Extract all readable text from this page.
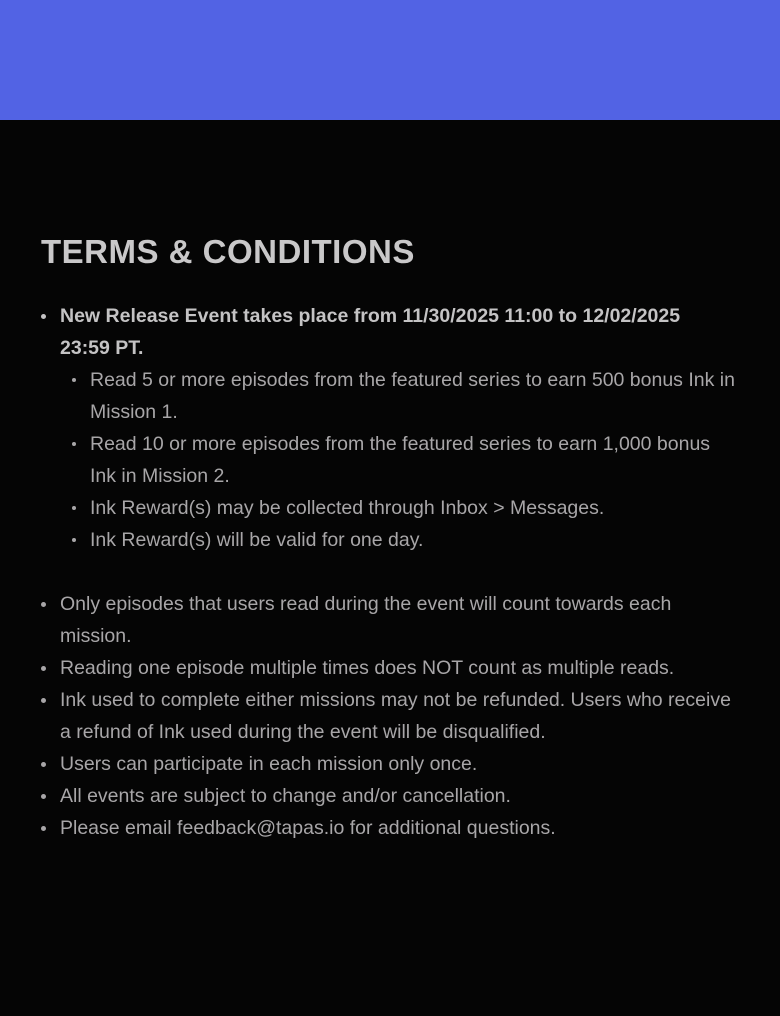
TERMS & CONDITIONS
New Release Event takes place from 11/30/2025 11:00 to 12/02/2025 23:59 PT.
Read 5 or more episodes from the featured series to earn 500 bonus Ink in Mission 1.
Read 10 or more episodes from the featured series to earn 1,000 bonus Ink in Mission 2.
Ink Reward(s) may be collected through Inbox > Messages.
Ink Reward(s) will be valid for one day.
Only episodes that users read during the event will count towards each mission.
Reading one episode multiple times does NOT count as multiple reads.
Ink used to complete either missions may not be refunded. Users who receive a refund of Ink used during the event will be disqualified.
Users can participate in each mission only once.
All events are subject to change and/or cancellation.
Please email feedback@tapas.io for additional questions.
